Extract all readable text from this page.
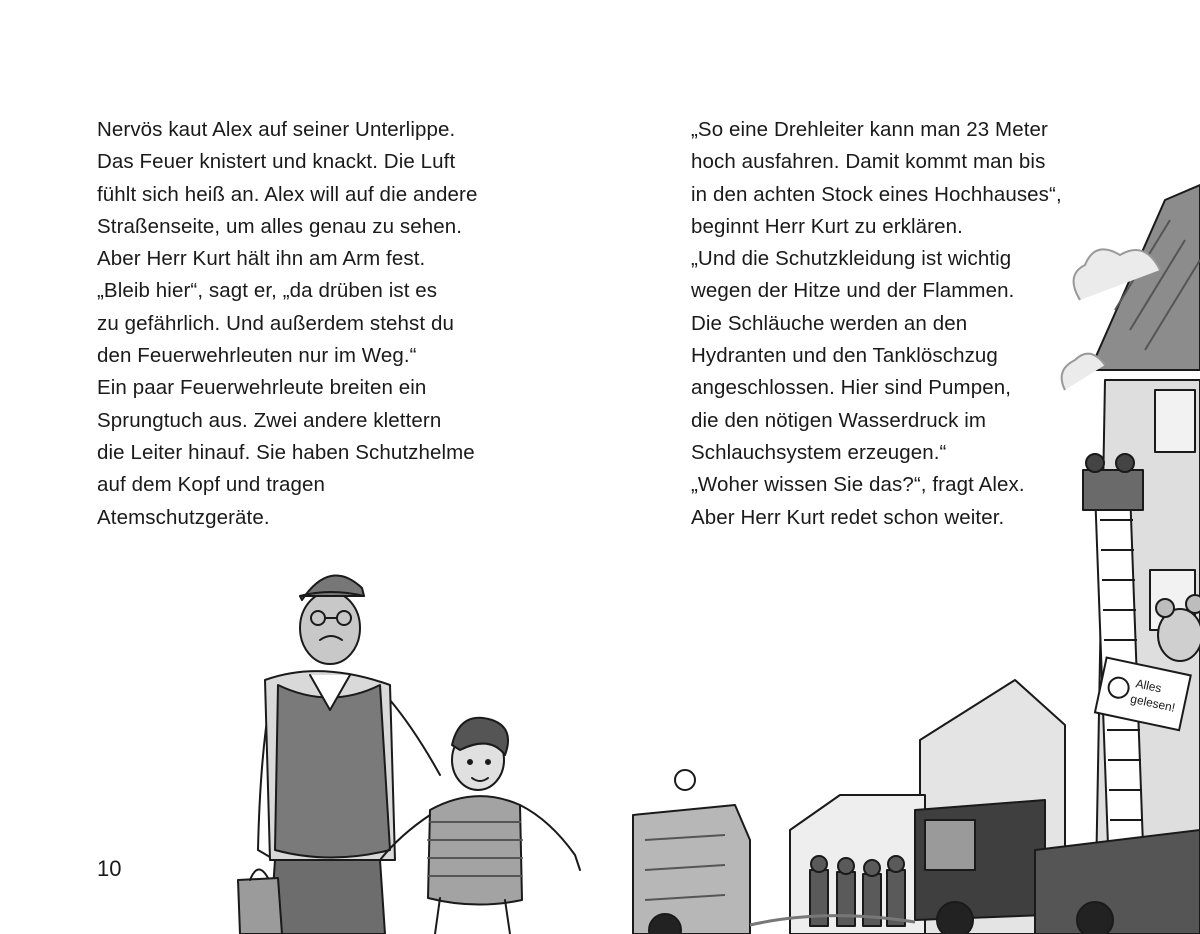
Nervös kaut Alex auf seiner Unterlippe.
Das Feuer knistert und knackt. Die Luft
fühlt sich heiß an. Alex will auf die andere
Straßenseite, um alles genau zu sehen.
Aber Herr Kurt hält ihn am Arm fest.
„Bleib hier“, sagt er, „da drüben ist es
zu gefährlich. Und außerdem stehst du
den Feuerwehrleuten nur im Weg.“
Ein paar Feuerwehrleute breiten ein
Sprungtuch aus. Zwei andere klettern
die Leiter hinauf. Sie haben Schutzhelme
auf dem Kopf und tragen
Atemschutzgeräte.
„So eine Drehleiter kann man 23 Meter
hoch ausfahren. Damit kommt man bis
in den achten Stock eines Hochhauses“,
beginnt Herr Kurt zu erklären.
„Und die Schutzkleidung ist wichtig
wegen der Hitze und der Flammen.
Die Schläuche werden an den
Hydranten und den Tanklöschzug
angeschlossen. Hier sind Pumpen,
die den nötigen Wasserdruck im
Schlauchsystem erzeugen.“
„Woher wissen Sie das?“, fragt Alex.
Aber Herr Kurt redet schon weiter.
10
Alles
gelesen!
